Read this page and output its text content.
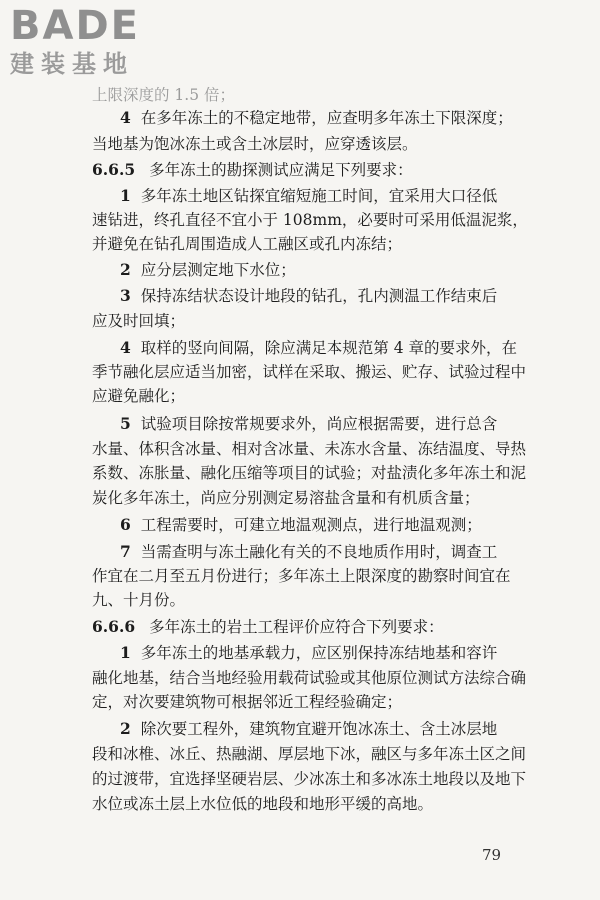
BADE
建装基地
上限深度的 1.5 倍；
4 在多年冻土的不稳定地带，应查明多年冻土下限深度；
当地基为饱冰冻土或含土冰层时，应穿透该层。
6.6.5 多年冻土的勘探测试应满足下列要求：
1 多年冻土地区钻探宜缩短施工时间，宜采用大口径低
速钻进，终孔直径不宜小于 108mm，必要时可采用低温泥浆，
并避免在钻孔周围造成人工融区或孔内冻结；
2 应分层测定地下水位；
3 保持冻结状态设计地段的钻孔，孔内测温工作结束后
应及时回填；
4 取样的竖向间隔，除应满足本规范第 4 章的要求外，在
季节融化层应适当加密，试样在采取、搬运、贮存、试验过程中
应避免融化；
5 试验项目除按常规要求外，尚应根据需要，进行总含
水量、体积含冰量、相对含冰量、未冻水含量、冻结温度、导热
系数、冻胀量、融化压缩等项目的试验；对盐渍化多年冻土和泥
炭化多年冻土，尚应分别测定易溶盐含量和有机质含量；
6 工程需要时，可建立地温观测点，进行地温观测；
7 当需查明与冻土融化有关的不良地质作用时，调查工
作宜在二月至五月份进行；多年冻土上限深度的勘察时间宜在
九、十月份。
6.6.6 多年冻土的岩土工程评价应符合下列要求：
1 多年冻土的地基承载力，应区别保持冻结地基和容许
融化地基，结合当地经验用载荷试验或其他原位测试方法综合确
定，对次要建筑物可根据邻近工程经验确定；
2 除次要工程外，建筑物宜避开饱冰冻土、含土冰层地
段和冰椎、冰丘、热融湖、厚层地下冰，融区与多年冻土区之间
的过渡带，宜选择坚硬岩层、少冰冻土和多冰冻土地段以及地下
水位或冻土层上水位低的地段和地形平缓的高地。
79
